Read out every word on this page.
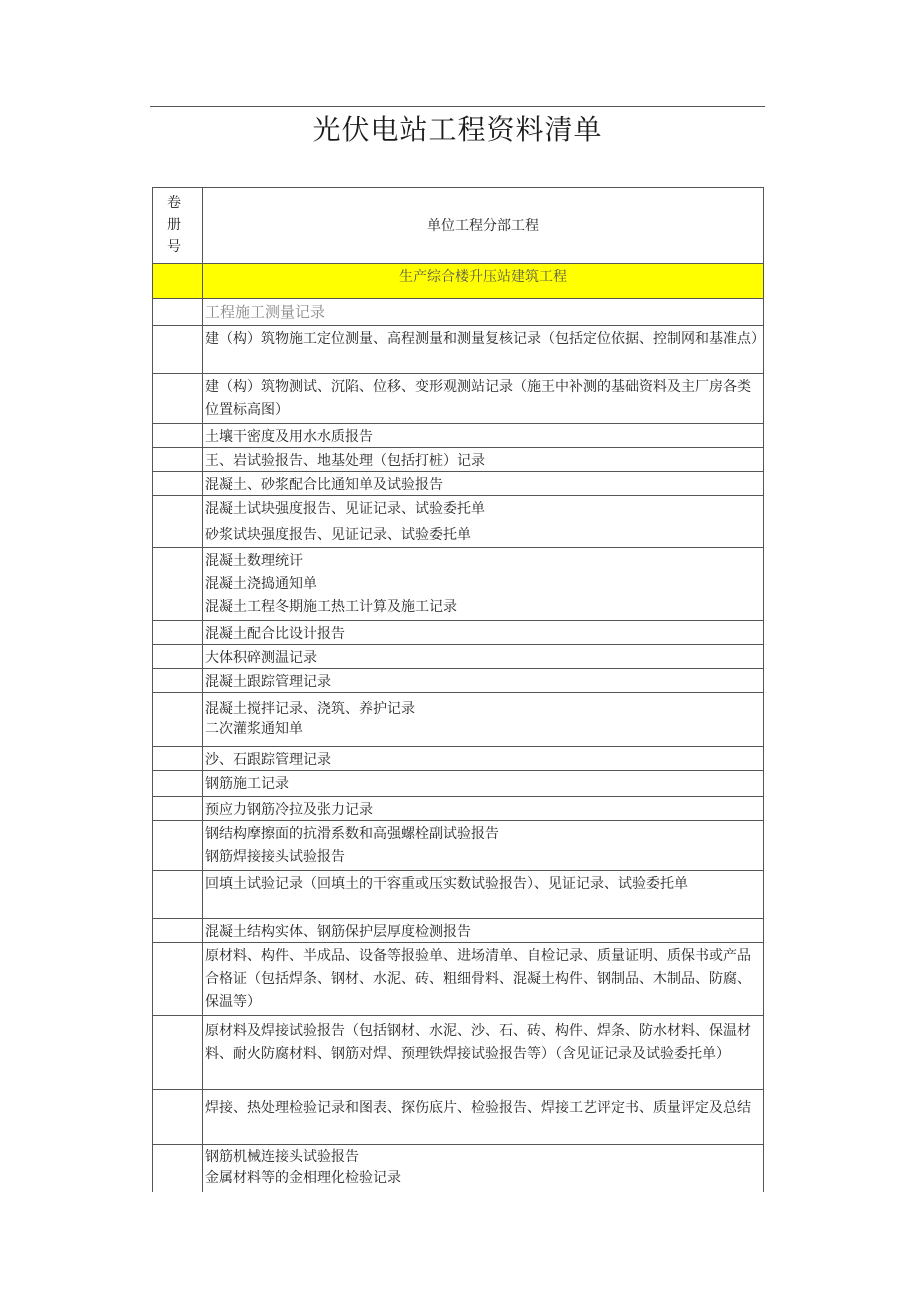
光伏电站工程资料清单
卷册号
单位工程分部工程
生产综合楼升压站建筑工程
工程施工测量记录
建（构）筑物施工定位测量、高程测量和测量复核记录（包括定位依据、控制网和基准点）
建（构）筑物测试、沉陷、位移、变形观测站记录（施王中补测的基础资料及主厂房各类位置标高图）
土壤干密度及用水水质报告
王、岩试验报告、地基处理（包括打桩）记录
混凝土、砂浆配合比通知单及试验报告
混凝土试块强度报告、见证记录、试验委托单
砂浆试块强度报告、见证记录、试验委托单
混凝土数理统讦
混凝土浇捣通知单
混凝土工程冬期施工热工计算及施工记录
混凝土配合比设计报告
大体积碎测温记录
混凝土跟踪管理记录
混凝土搅拌记录、浇筑、养护记录
二次灌浆通知单
沙、石跟踪管理记录
钢筋施工记录
预应力钢筋冷拉及张力记录
钢结构摩擦面的抗滑系数和高强螺栓副试验报告
钢筋焊接接头试验报告
回填土试验记录（回填土的干容重或压实数试验报告）、见证记录、试验委托单
混凝土结构实体、钢筋保护层厚度检测报告
原材料、构件、半成品、设备等报验单、进场清单、自检记录、质量证明、质保书或产品合格证（包括焊条、钢材、水泥、砖、粗细骨料、混凝土构件、钢制品、木制品、防腐、保温等）
原材料及焊接试验报告（包括钢材、水泥、沙、石、砖、构件、焊条、防水材料、保温材料、耐火防腐材料、钢筋对焊、预理铁焊接试验报告等）（含见证记录及试验委托单）
焊接、热处理检验记录和图表、探伤底片、检验报告、焊接工艺评定书、质量评定及总结
钢筋机械连接头试验报告
金属材料等的金相理化检验记录
